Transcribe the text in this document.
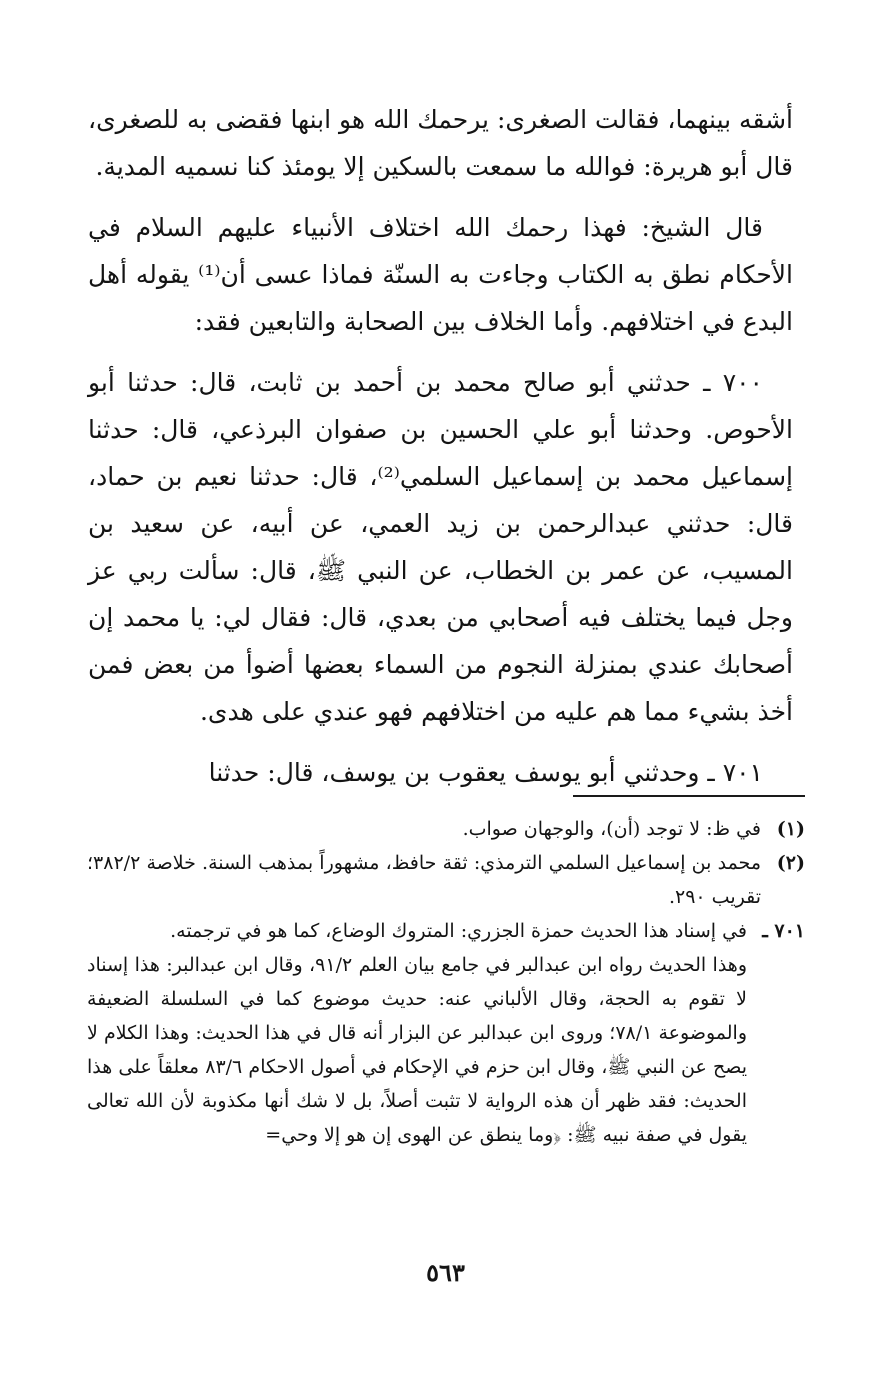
أشقه بينهما، فقالت الصغرى: يرحمك الله هو ابنها فقضى به للصغرى، قال أبو هريرة: فوالله ما سمعت بالسكين إلا يومئذ كنا نسميه المدية.

قال الشيخ: فهذا رحمك الله اختلاف الأنبياء عليهم السلام في الأحكام نطق به الكتاب وجاءت به السنّة فماذا عسى أن⁽¹⁾ يقوله أهل البدع في اختلافهم. وأما الخلاف بين الصحابة والتابعين فقد:

٧٠٠ ـ حدثني أبو صالح محمد بن أحمد بن ثابت، قال: حدثنا أبو الأحوص. وحدثنا أبو علي الحسين بن صفوان البرذعي، قال: حدثنا إسماعيل محمد بن إسماعيل السلمي⁽²⁾، قال: حدثنا نعيم بن حماد، قال: حدثني عبدالرحمن بن زيد العمي، عن أبيه، عن سعيد بن المسيب، عن عمر بن الخطاب، عن النبي ﷺ، قال: سألت ربي عز وجل فيما يختلف فيه أصحابي من بعدي، قال: فقال لي: يا محمد إن أصحابك عندي بمنزلة النجوم من السماء بعضها أضوأ من بعض فمن أخذ بشيء مما هم عليه من اختلافهم فهو عندي على هدى.

٧٠١ ـ وحدثني أبو يوسف يعقوب بن يوسف، قال: حدثنا

(١)
في ظ: لا توجد (أن)، والوجهان صواب.
(٢)
محمد بن إسماعيل السلمي الترمذي: ثقة حافظ، مشهوراً بمذهب السنة. خلاصة ٣٨٢/٢؛ تقريب ٢٩٠.
٧٠١ ـ

في إسناد هذا الحديث حمزة الجزري: المتروك الوضاع، كما هو في ترجمته.

وهذا الحديث رواه ابن عبدالبر في جامع بيان العلم ٩١/٢، وقال ابن عبدالبر: هذا إسناد لا تقوم به الحجة، وقال الألباني عنه: حديث موضوع كما في السلسلة الضعيفة والموضوعة ٧٨/١؛ وروى ابن عبدالبر عن البزار أنه قال في هذا الحديث: وهذا الكلام لا يصح عن النبي ﷺ، وقال ابن حزم في الإحكام في أصول الاحكام ٨٣/٦ معلقاً على هذا الحديث: فقد ظهر أن هذه الرواية لا تثبت أصلاً، بل لا شك أنها مكذوبة لأن الله تعالى يقول في صفة نبيه ﷺ: ﴿وما ينطق عن الهوى إن هو إلا وحي=

٥٦٣
